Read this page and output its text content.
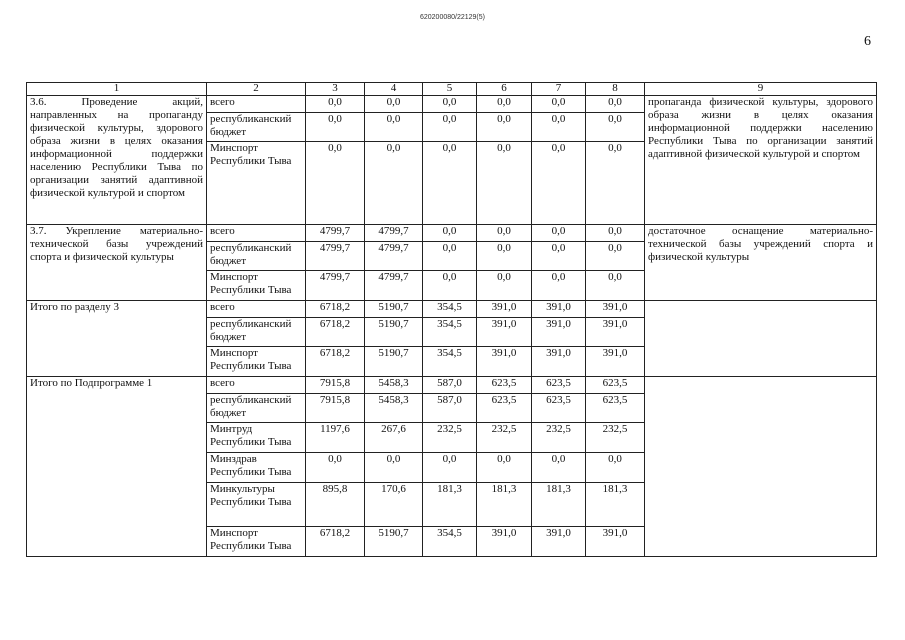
620200080/22129(5)
6
1	2	3	4	5	6	7	8	9
3.6. Проведение акций, направленных на пропаганду физической культуры, здорового образа жизни в целях оказания информационной поддержки населению Республики Тыва по организации занятий адаптивной физической культурой и спортом	всего	0,0	0,0	0,0	0,0	0,0	0,0	пропаганда физической культуры, здорового образа жизни в целях оказания информационной поддержки населению Республики Тыва по организации занятий адаптивной физической культурой и спортом
	республиканский бюджет	0,0	0,0	0,0	0,0	0,0	0,0	
	Минспорт Республики Тыва	0,0	0,0	0,0	0,0	0,0	0,0	
3.7. Укрепление материально-технической базы учреждений спорта и физической культуры	всего	4799,7	4799,7	0,0	0,0	0,0	0,0	достаточное оснащение материально-технической базы учреждений спорта и физической культуры
	республиканский бюджет	4799,7	4799,7	0,0	0,0	0,0	0,0	
	Минспорт Республики Тыва	4799,7	4799,7	0,0	0,0	0,0	0,0	
Итого по разделу 3	всего	6718,2	5190,7	354,5	391,0	391,0	391,0	
	республиканский бюджет	6718,2	5190,7	354,5	391,0	391,0	391,0	
	Минспорт Республики Тыва	6718,2	5190,7	354,5	391,0	391,0	391,0	
Итого по Подпрограмме 1	всего	7915,8	5458,3	587,0	623,5	623,5	623,5	
	республиканский бюджет	7915,8	5458,3	587,0	623,5	623,5	623,5	
	Минтруд Республики Тыва	1197,6	267,6	232,5	232,5	232,5	232,5	
	Минздрав Республики Тыва	0,0	0,0	0,0	0,0	0,0	0,0	
	Минкультуры Республики Тыва	895,8	170,6	181,3	181,3	181,3	181,3	
	Минспорт Республики Тыва	6718,2	5190,7	354,5	391,0	391,0	391,0	
